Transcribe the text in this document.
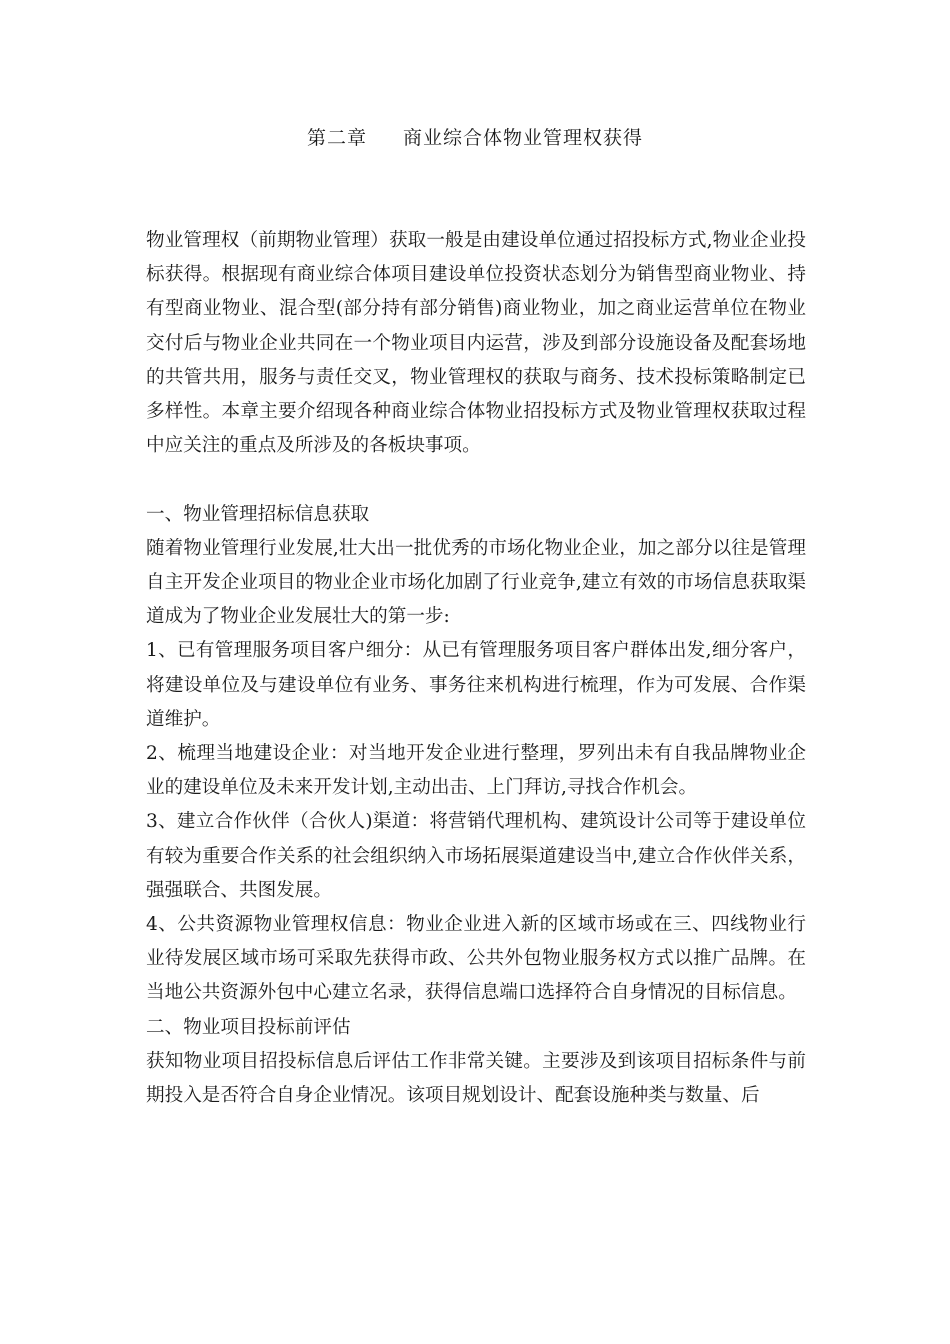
第二章 商业综合体物业管理权获得

物业管理权（前期物业管理）获取一般是由建设单位通过招投标方式,物业企业投标获得。根据现有商业综合体项目建设单位投资状态划分为销售型商业物业、持有型商业物业、混合型(部分持有部分销售)商业物业，加之商业运营单位在物业交付后与物业企业共同在一个物业项目内运营，涉及到部分设施设备及配套场地的共管共用，服务与责任交叉，物业管理权的获取与商务、技术投标策略制定已多样性。本章主要介绍现各种商业综合体物业招投标方式及物业管理权获取过程中应关注的重点及所涉及的各板块事项。

一、物业管理招标信息获取

随着物业管理行业发展,壮大出一批优秀的市场化物业企业，加之部分以往是管理自主开发企业项目的物业企业市场化加剧了行业竞争,建立有效的市场信息获取渠道成为了物业企业发展壮大的第一步:

1、已有管理服务项目客户细分：从已有管理服务项目客户群体出发,细分客户，将建设单位及与建设单位有业务、事务往来机构进行梳理，作为可发展、合作渠道维护。

2、梳理当地建设企业：对当地开发企业进行整理，罗列出未有自我品牌物业企业的建设单位及未来开发计划,主动出击、上门拜访,寻找合作机会。

3、建立合作伙伴（合伙人)渠道：将营销代理机构、建筑设计公司等于建设单位有较为重要合作关系的社会组织纳入市场拓展渠道建设当中,建立合作伙伴关系，强强联合、共图发展。

4、公共资源物业管理权信息：物业企业进入新的区域市场或在三、四线物业行业待发展区域市场可采取先获得市政、公共外包物业服务权方式以推广品牌。在当地公共资源外包中心建立名录，获得信息端口选择符合自身情况的目标信息。

二、物业项目投标前评估

获知物业项目招投标信息后评估工作非常关键。主要涉及到该项目招标条件与前期投入是否符合自身企业情况。该项目规划设计、配套设施种类与数量、后
